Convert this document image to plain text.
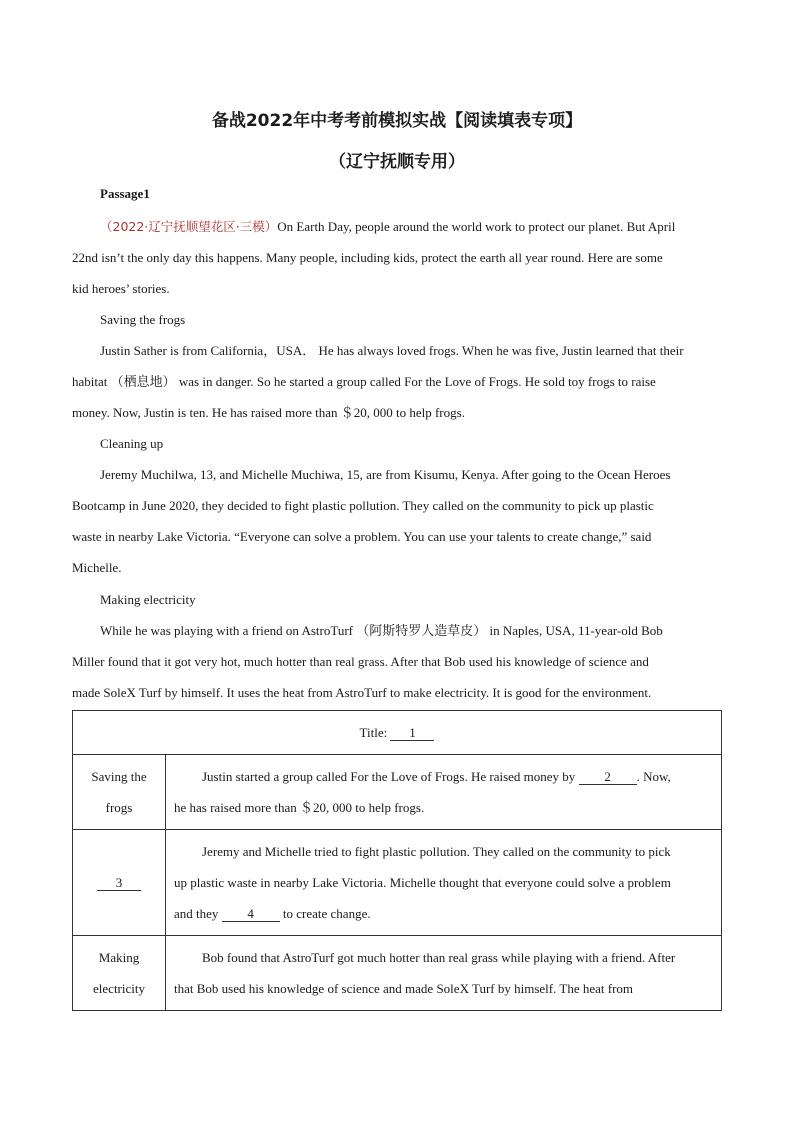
备战2022年中考考前模拟实战【阅读填表专项】
（辽宁抚顺专用）
Passage1
（2022·辽宁抚顺望花区·三模）On Earth Day, people around the world work to protect our planet. But April
22nd isn’t the only day this happens. Many people, including kids, protect the earth all year round. Here are some
kid heroes’ stories.
Saving the frogs
Justin Sather is from California，USA． He has always loved frogs. When he was five, Justin learned that their
habitat （栖息地） was in danger. So he started a group called For the Love of Frogs. He sold toy frogs to raise
money. Now, Justin is ten. He has raised more than ＄20, 000 to help frogs.
Cleaning up
Jeremy Muchilwa, 13, and Michelle Muchiwa, 15, are from Kisumu, Kenya. After going to the Ocean Heroes
Bootcamp in June 2020, they decided to fight plastic pollution. They called on the community to pick up plastic
waste in nearby Lake Victoria. “Everyone can solve a problem. You can use your talents to create change,” said
Michelle.
Making electricity
While he was playing with a friend on AstroTurf （阿斯特罗人造草皮） in Naples, USA, 11-year-old Bob
Miller found that it got very hot, much hotter than real grass. After that Bob used his knowledge of science and
made SoleX Turf by himself. It uses the heat from AstroTurf to make electricity. It is good for the environment.
Title: 1	

Saving the
frogs	Justin started a group called For the Love of Frogs. He raised money by 2 . Now,
he has raised more than ＄20, 000 to help frogs.

3	Jeremy and Michelle tried to fight plastic pollution. They called on the community to pick
up plastic waste in nearby Lake Victoria. Michelle thought that everyone could solve a problem
and they 4 to create change.

Making
electricity	Bob found that AstroTurf got much hotter than real grass while playing with a friend. After
that Bob used his knowledge of science and made SoleX Turf by himself. The heat from
